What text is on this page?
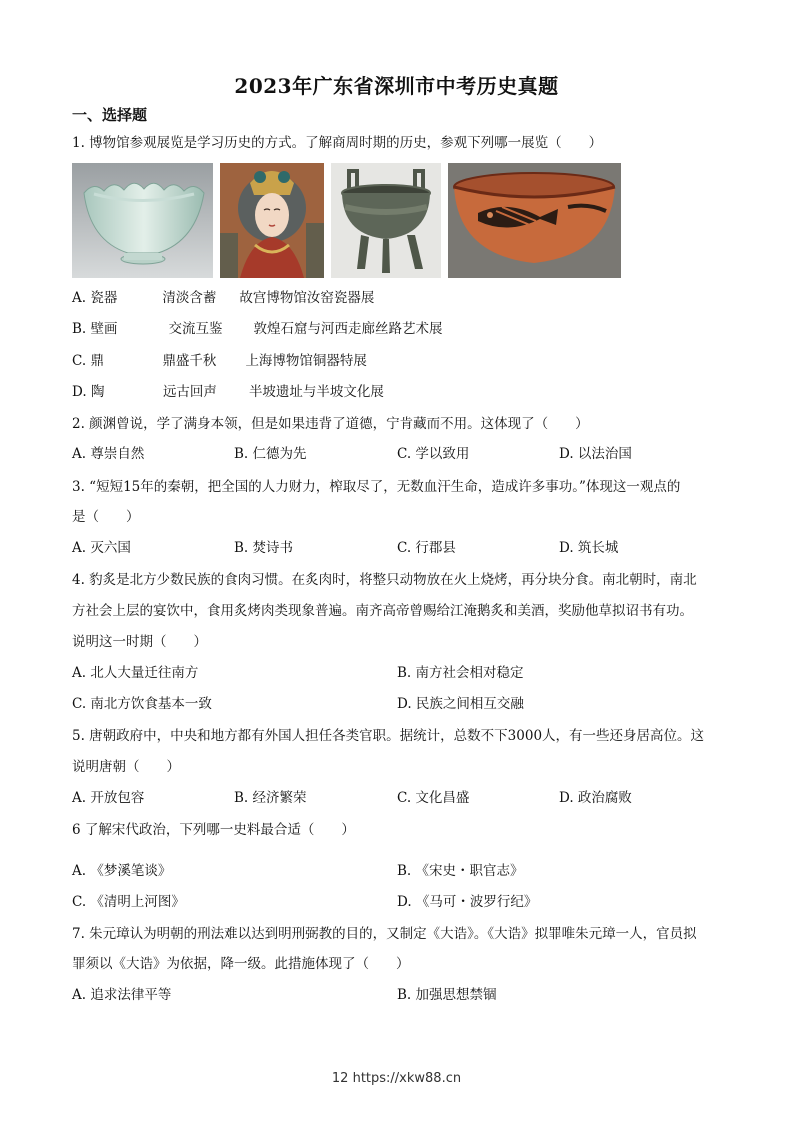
2023年广东省深圳市中考历史真题
一、选择题
1. 博物馆参观展览是学习历史的方式。了解商周时期的历史，参观下列哪一展览（　　）
A. 瓷器	清淡含蓄 故宫博物馆汝窑瓷器展
B. 壁画	交流互鉴 敦煌石窟与河西走廊丝路艺术展
C. 鼎	鼎盛千秋 上海博物馆铜器特展
D. 陶	远古回声 半坡遗址与半坡文化展
2. 颜渊曾说，学了满身本领，但是如果违背了道德，宁肯藏而不用。这体现了（　　）
A. 尊崇自然	B. 仁德为先	C. 学以致用	D. 以法治国
3. “短短15年的秦朝，把全国的人力财力，榨取尽了，无数血汗生命，造成许多事功。”体现这一观点的
是（　　）
A. 灭六国	B. 焚诗书	C. 行郡县	D. 筑长城
4. 豹炙是北方少数民族的食肉习惯。在炙肉时，将整只动物放在火上烧烤，再分块分食。南北朝时，南北
方社会上层的宴饮中，食用炙烤肉类现象普遍。南齐高帝曾赐给江淹鹅炙和美酒，奖励他草拟诏书有功。
说明这一时期（　　）
A. 北人大量迁往南方	B. 南方社会相对稳定
C. 南北方饮食基本一致	D. 民族之间相互交融
5. 唐朝政府中，中央和地方都有外国人担任各类官职。据统计，总数不下3000人，有一些还身居高位。这
说明唐朝（　　）
A. 开放包容	B. 经济繁荣	C. 文化昌盛	D. 政治腐败
6 了解宋代政治，下列哪一史料最合适（　　）
A. 《梦溪笔谈》	B. 《宋史・职官志》
C. 《清明上河图》	D. 《马可・波罗行纪》
7. 朱元璋认为明朝的刑法难以达到明刑弼教的目的，又制定《大诰》。《大诰》拟罪唯朱元璋一人，官员拟
罪须以《大诰》为依据，降一级。此措施体现了（　　）
A. 追求法律平等	B. 加强思想禁锢
12 https://xkw88.cn
